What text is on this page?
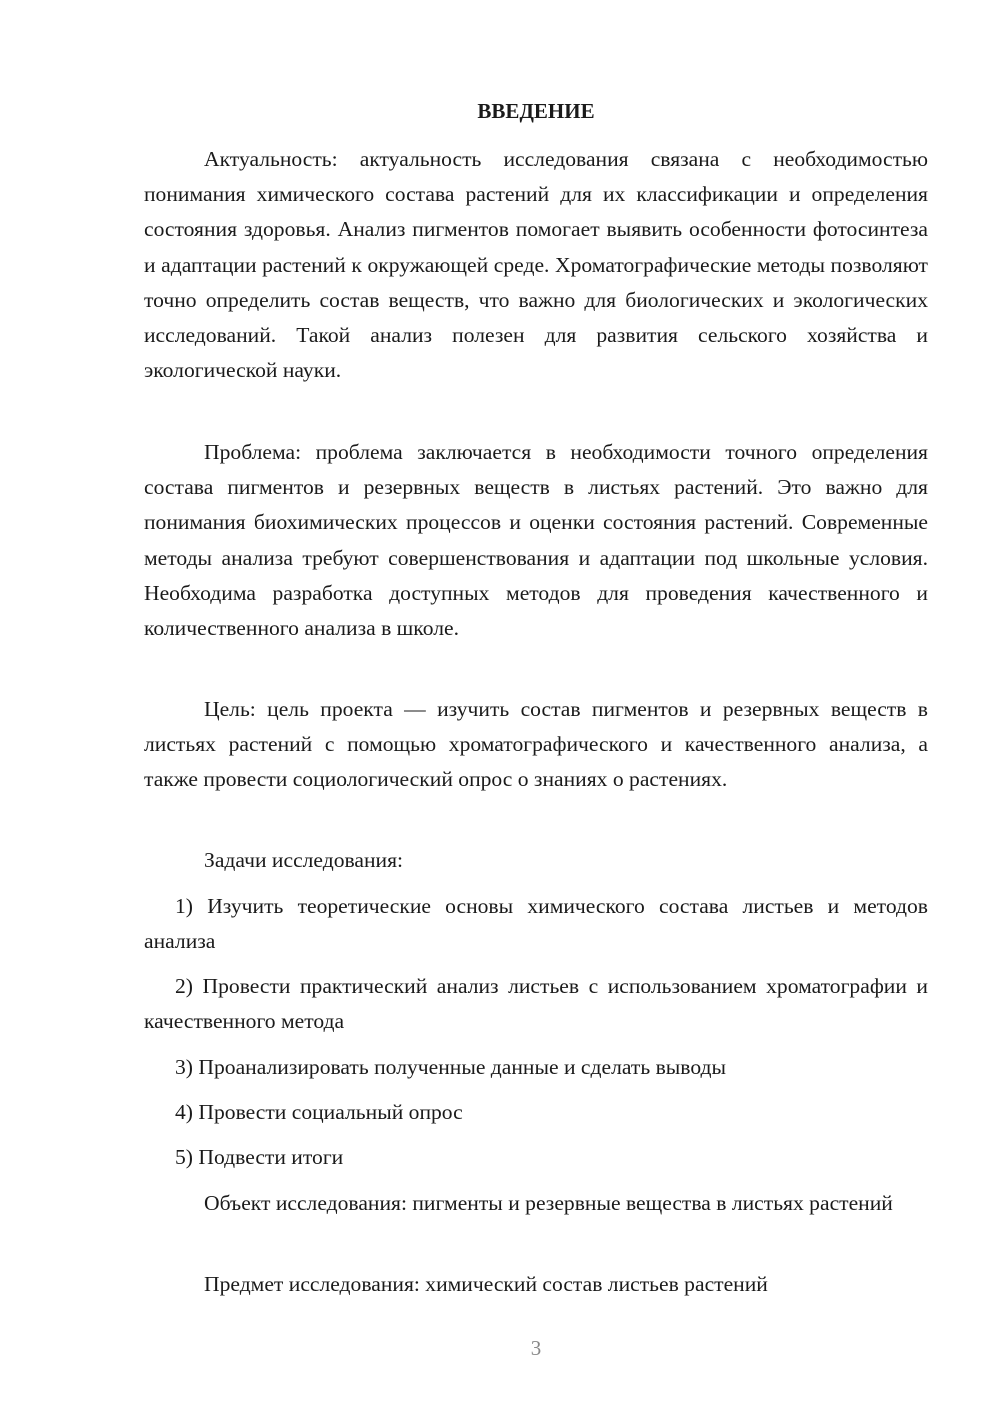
ВВЕДЕНИЕ

Актуальность: актуальность исследования связана с необходимостью понимания химического состава растений для их классификации и определения состояния здоровья. Анализ пигментов помогает выявить особенности фотосинтеза и адаптации растений к окружающей среде. Хроматографические методы позволяют точно определить состав веществ, что важно для биологических и экологических исследований. Такой анализ полезен для развития сельского хозяйства и экологической науки.

Проблема: проблема заключается в необходимости точного определения состава пигментов и резервных веществ в листьях растений. Это важно для понимания биохимических процессов и оценки состояния растений. Современные методы анализа требуют совершенствования и адаптации под школьные условия. Необходима разработка доступных методов для проведения качественного и количественного анализа в школе.

Цель: цель проекта — изучить состав пигментов и резервных веществ в листьях растений с помощью хроматографического и качественного анализа, а также провести социологический опрос о знаниях о растениях.

Задачи исследования:

1) Изучить теоретические основы химического состава листьев и методов анализа

2) Провести практический анализ листьев с использованием хроматографии и качественного метода

3) Проанализировать полученные данные и сделать выводы

4) Провести социальный опрос

5) Подвести итоги

Объект исследования: пигменты и резервные вещества в листьях растений

Предмет исследования: химический состав листьев растений

3
